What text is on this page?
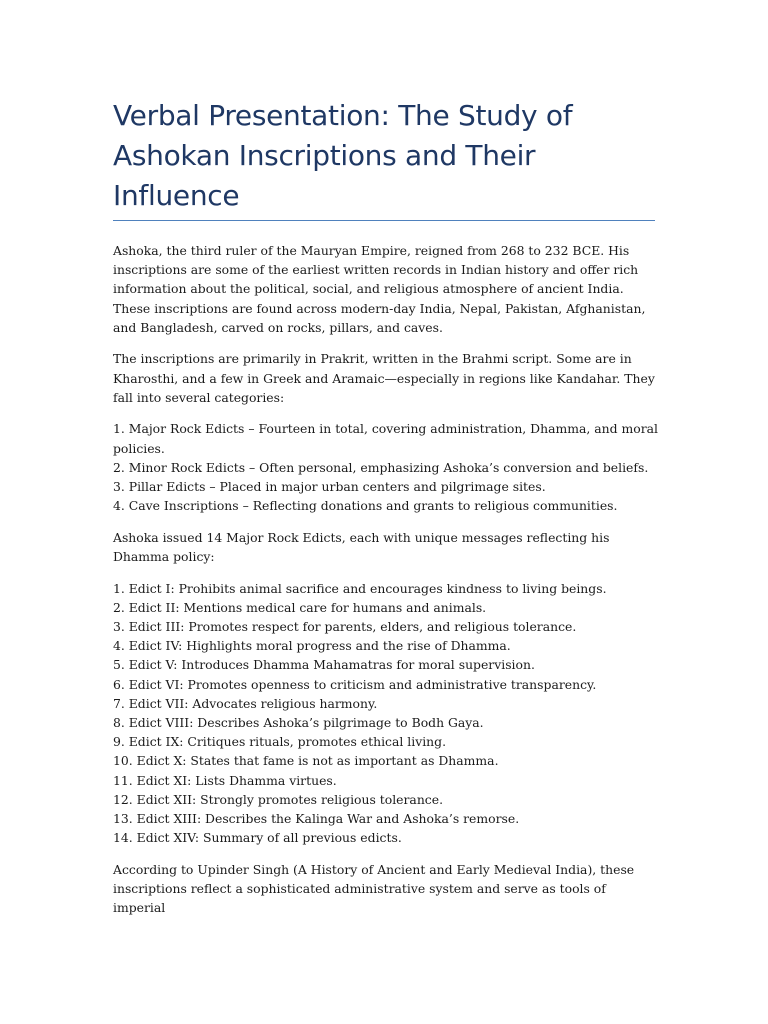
Verbal Presentation: The Study of Ashokan Inscriptions and Their Influence

Ashoka, the third ruler of the Mauryan Empire, reigned from 268 to 232 BCE. His inscriptions are some of the earliest written records in Indian history and offer rich information about the political, social, and religious atmosphere of ancient India. These inscriptions are found across modern-day India, Nepal, Pakistan, Afghanistan, and Bangladesh, carved on rocks, pillars, and caves.

The inscriptions are primarily in Prakrit, written in the Brahmi script. Some are in Kharosthi, and a few in Greek and Aramaic—especially in regions like Kandahar. They fall into several categories:

1. Major Rock Edicts – Fourteen in total, covering administration, Dhamma, and moral policies.
2. Minor Rock Edicts – Often personal, emphasizing Ashoka’s conversion and beliefs.
3. Pillar Edicts – Placed in major urban centers and pilgrimage sites.
4. Cave Inscriptions – Reflecting donations and grants to religious communities.

Ashoka issued 14 Major Rock Edicts, each with unique messages reflecting his Dhamma policy:

1. Edict I: Prohibits animal sacrifice and encourages kindness to living beings.
2. Edict II: Mentions medical care for humans and animals.
3. Edict III: Promotes respect for parents, elders, and religious tolerance.
4. Edict IV: Highlights moral progress and the rise of Dhamma.
5. Edict V: Introduces Dhamma Mahamatras for moral supervision.
6. Edict VI: Promotes openness to criticism and administrative transparency.
7. Edict VII: Advocates religious harmony.
8. Edict VIII: Describes Ashoka’s pilgrimage to Bodh Gaya.
9. Edict IX: Critiques rituals, promotes ethical living.
10. Edict X: States that fame is not as important as Dhamma.
11. Edict XI: Lists Dhamma virtues.
12. Edict XII: Strongly promotes religious tolerance.
13. Edict XIII: Describes the Kalinga War and Ashoka’s remorse.
14. Edict XIV: Summary of all previous edicts.

According to Upinder Singh (A History of Ancient and Early Medieval India), these inscriptions reflect a sophisticated administrative system and serve as tools of imperial
